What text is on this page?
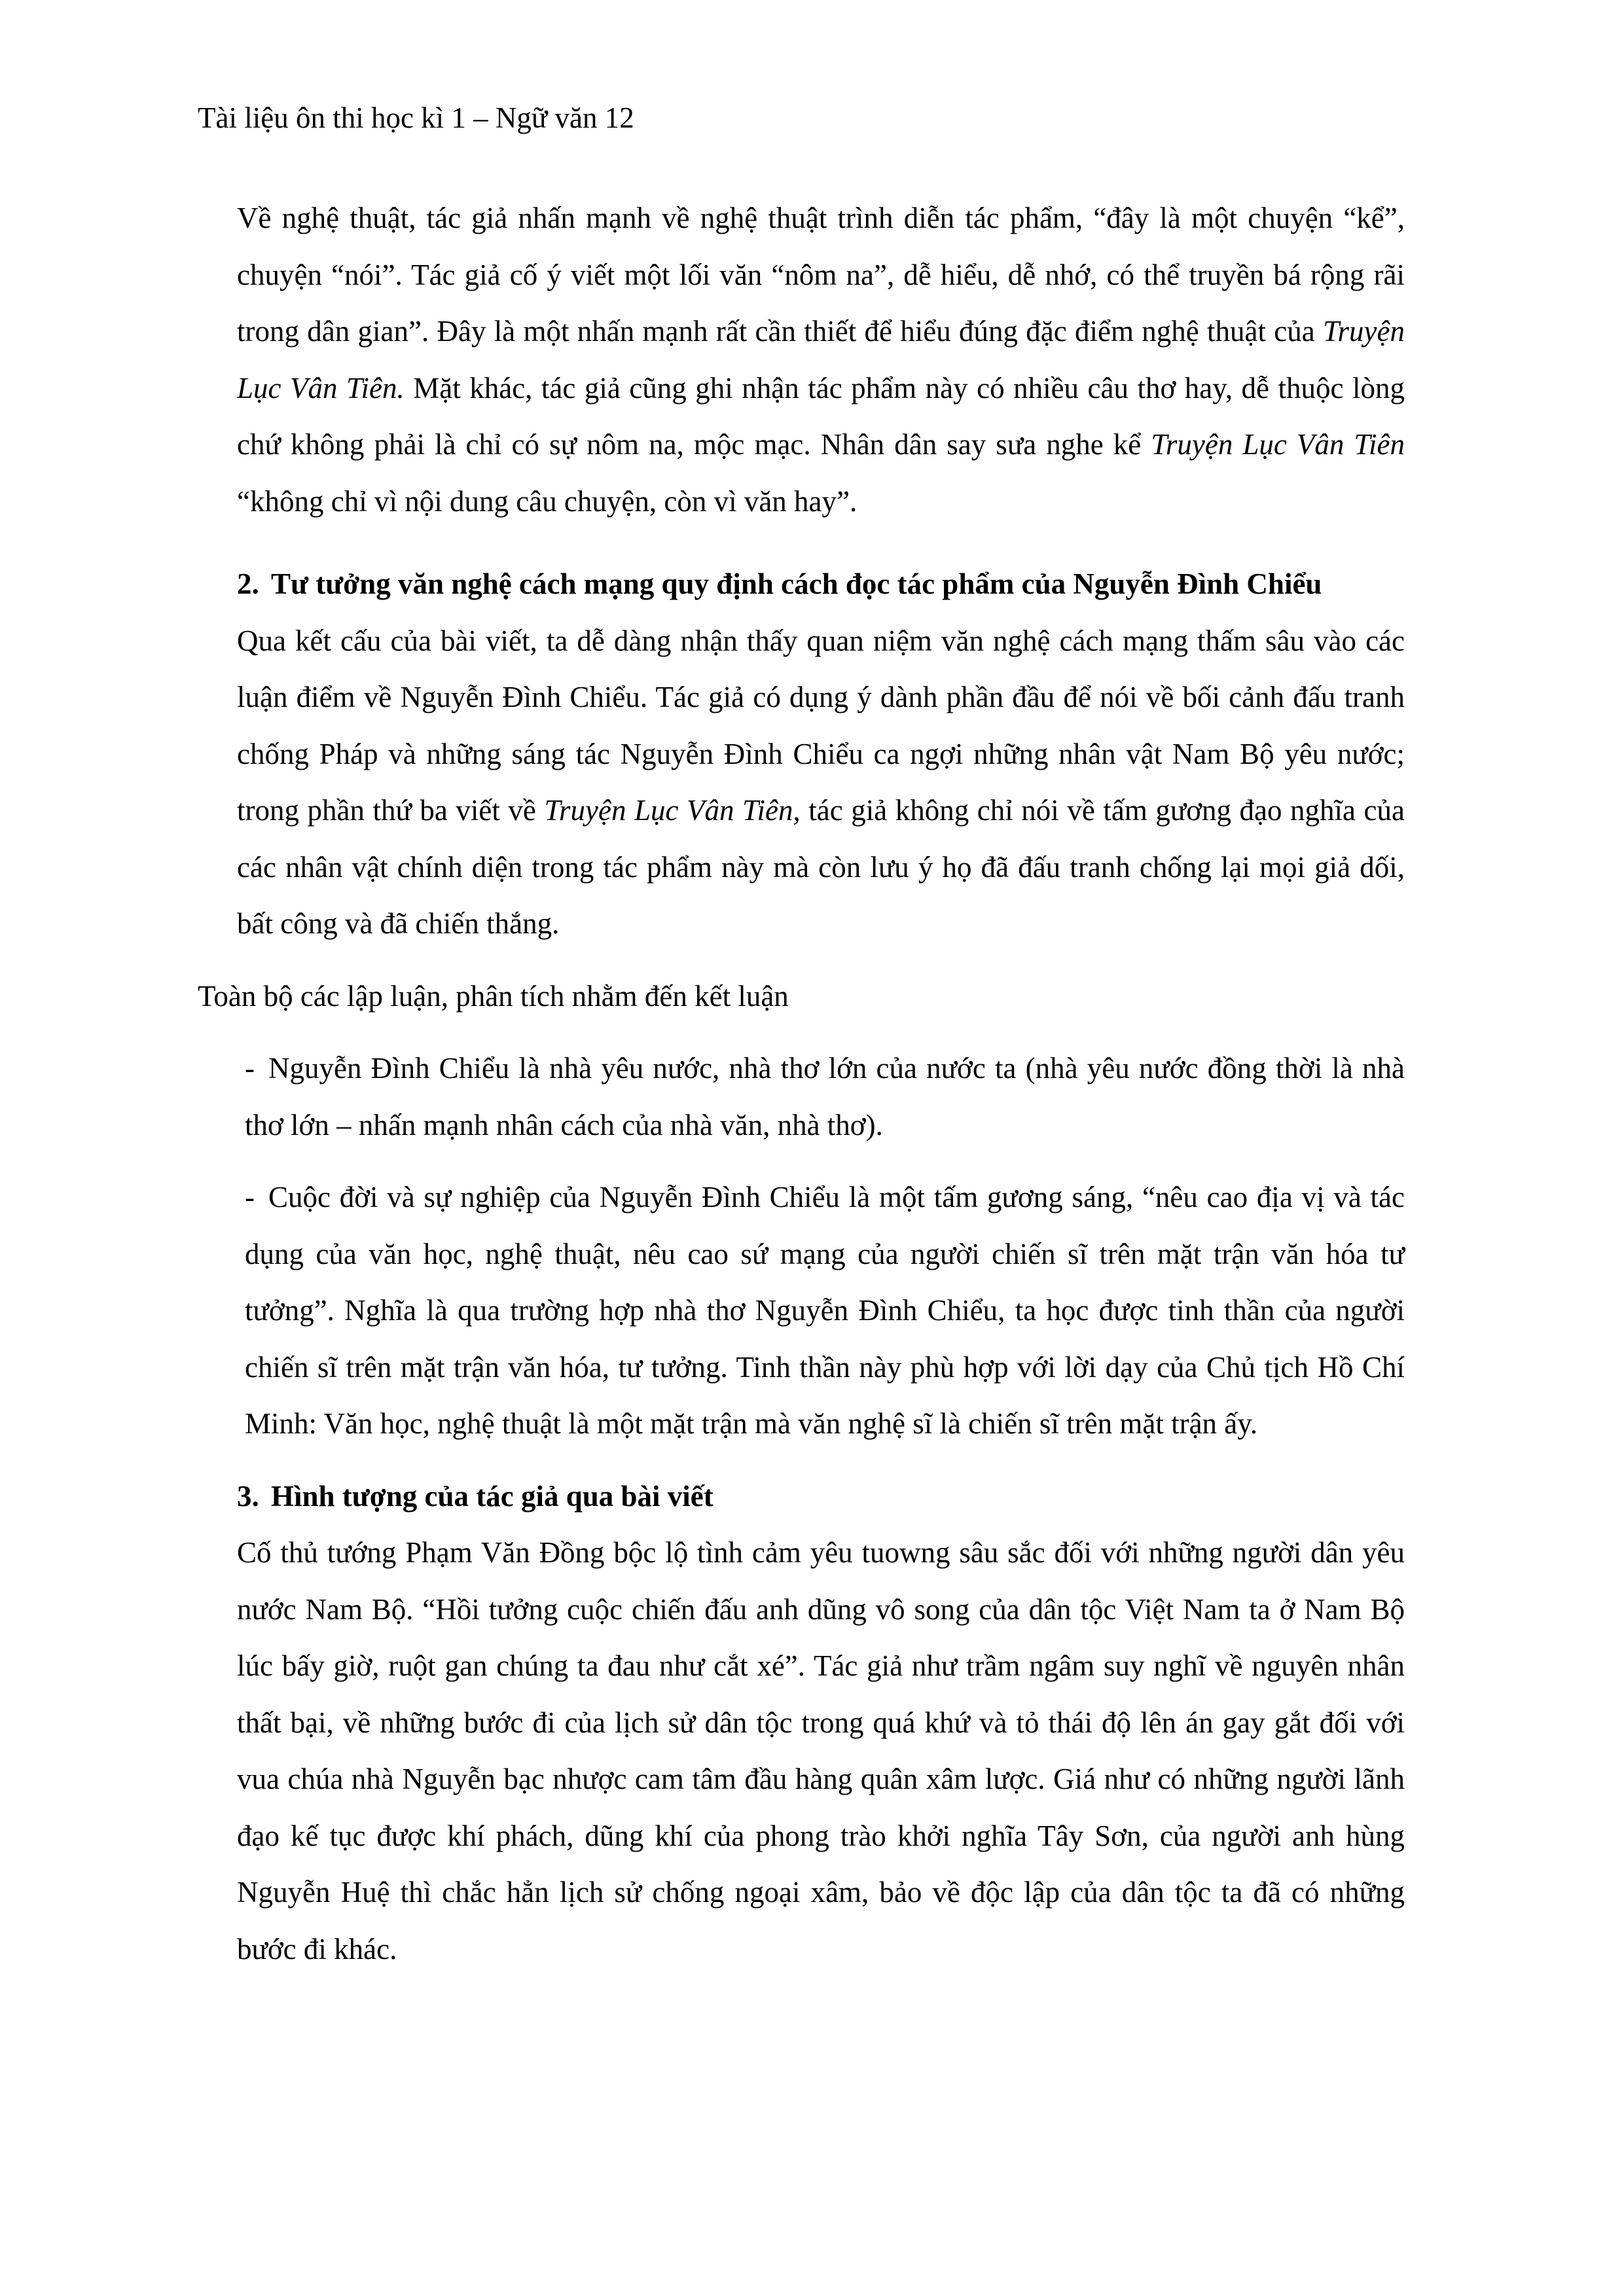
Tài liệu ôn thi học kì 1 – Ngữ văn 12

Về nghệ thuật, tác giả nhấn mạnh về nghệ thuật trình diễn tác phẩm, “đây là một chuyện “kể”, chuyện “nói”. Tác giả cố ý viết một lối văn “nôm na”, dễ hiểu, dễ nhớ, có thể truyền bá rộng rãi trong dân gian”. Đây là một nhấn mạnh rất cần thiết để hiểu đúng đặc điểm nghệ thuật của Truyện Lục Vân Tiên. Mặt khác, tác giả cũng ghi nhận tác phẩm này có nhiều câu thơ hay, dễ thuộc lòng chứ không phải là chỉ có sự nôm na, mộc mạc. Nhân dân say sưa nghe kể Truyện Lục Vân Tiên “không chỉ vì nội dung câu chuyện, còn vì văn hay”.

2. Tư tưởng văn nghệ cách mạng quy định cách đọc tác phẩm của Nguyễn Đình Chiểu

Qua kết cấu của bài viết, ta dễ dàng nhận thấy quan niệm văn nghệ cách mạng thấm sâu vào các luận điểm về Nguyễn Đình Chiểu. Tác giả có dụng ý dành phần đầu để nói về bối cảnh đấu tranh chống Pháp và những sáng tác Nguyễn Đình Chiểu ca ngợi những nhân vật Nam Bộ yêu nước; trong phần thứ ba viết về Truyện Lục Vân Tiên, tác giả không chỉ nói về tấm gương đạo nghĩa của các nhân vật chính diện trong tác phẩm này mà còn lưu ý họ đã đấu tranh chống lại mọi giả dối, bất công và đã chiến thắng.

Toàn bộ các lập luận, phân tích nhằm đến kết luận

- Nguyễn Đình Chiểu là nhà yêu nước, nhà thơ lớn của nước ta (nhà yêu nước đồng thời là nhà thơ lớn – nhấn mạnh nhân cách của nhà văn, nhà thơ).

- Cuộc đời và sự nghiệp của Nguyễn Đình Chiểu là một tấm gương sáng, “nêu cao địa vị và tác dụng của văn học, nghệ thuật, nêu cao sứ mạng của người chiến sĩ trên mặt trận văn hóa tư tưởng”. Nghĩa là qua trường hợp nhà thơ Nguyễn Đình Chiểu, ta học được tinh thần của người chiến sĩ trên mặt trận văn hóa, tư tưởng. Tinh thần này phù hợp với lời dạy của Chủ tịch Hồ Chí Minh: Văn học, nghệ thuật là một mặt trận mà văn nghệ sĩ là chiến sĩ trên mặt trận ấy.

3. Hình tượng của tác giả qua bài viết

Cố thủ tướng Phạm Văn Đồng bộc lộ tình cảm yêu tuowng sâu sắc đối với những người dân yêu nước Nam Bộ. “Hồi tưởng cuộc chiến đấu anh dũng vô song của dân tộc Việt Nam ta ở Nam Bộ lúc bấy giờ, ruột gan chúng ta đau như cắt xé”. Tác giả như trầm ngâm suy nghĩ về nguyên nhân thất bại, về những bước đi của lịch sử dân tộc trong quá khứ và tỏ thái độ lên án gay gắt đối với vua chúa nhà Nguyễn bạc nhược cam tâm đầu hàng quân xâm lược. Giá như có những người lãnh đạo kế tục được khí phách, dũng khí của phong trào khởi nghĩa Tây Sơn, của người anh hùng Nguyễn Huệ thì chắc hẳn lịch sử chống ngoại xâm, bảo về độc lập của dân tộc ta đã có những bước đi khác.
